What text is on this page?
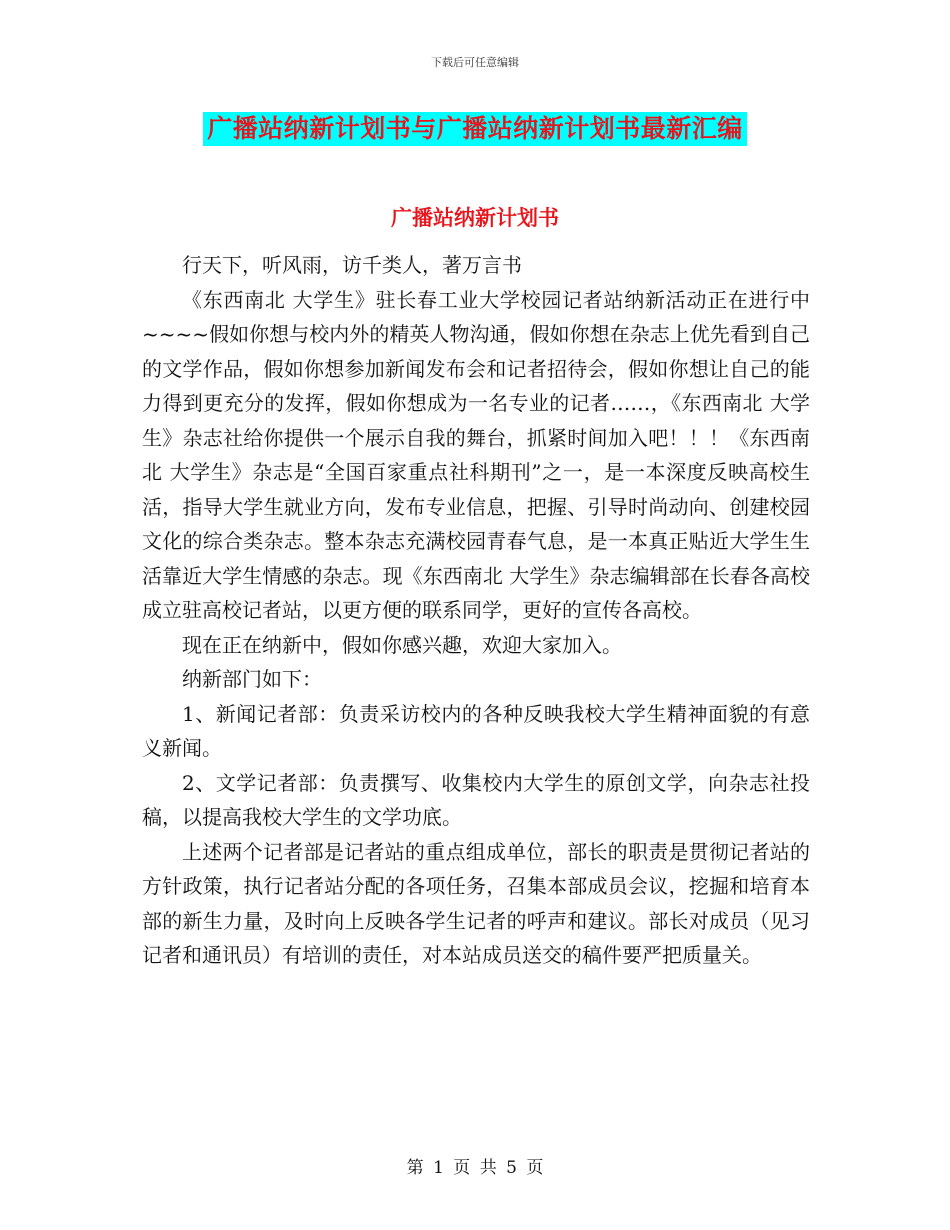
下载后可任意编辑
广播站纳新计划书与广播站纳新计划书最新汇编
广播站纳新计划书

行天下，听风雨，访千类人，著万言书

《东西南北 大学生》驻长春工业大学校园记者站纳新活动正在进行中~~~~假如你想与校内外的精英人物沟通，假如你想在杂志上优先看到自己的文学作品，假如你想参加新闻发布会和记者招待会，假如你想让自己的能力得到更充分的发挥，假如你想成为一名专业的记者……，《东西南北 大学生》杂志社给你提供一个展示自我的舞台，抓紧时间加入吧！！！《东西南北 大学生》杂志是“全国百家重点社科期刊”之一，是一本深度反映高校生活，指导大学生就业方向，发布专业信息，把握、引导时尚动向、创建校园文化的综合类杂志。整本杂志充满校园青春气息，是一本真正贴近大学生生活靠近大学生情感的杂志。现《东西南北 大学生》杂志编辑部在长春各高校成立驻高校记者站，以更方便的联系同学，更好的宣传各高校。

现在正在纳新中，假如你感兴趣，欢迎大家加入。

纳新部门如下：

1、新闻记者部：负责采访校内的各种反映我校大学生精神面貌的有意义新闻。

2、文学记者部：负责撰写、收集校内大学生的原创文学，向杂志社投稿，以提高我校大学生的文学功底。

上述两个记者部是记者站的重点组成单位，部长的职责是贯彻记者站的方针政策，执行记者站分配的各项任务，召集本部成员会议，挖掘和培育本部的新生力量，及时向上反映各学生记者的呼声和建议。部长对成员（见习记者和通讯员）有培训的责任，对本站成员送交的稿件要严把质量关。

第 1 页 共 5 页
